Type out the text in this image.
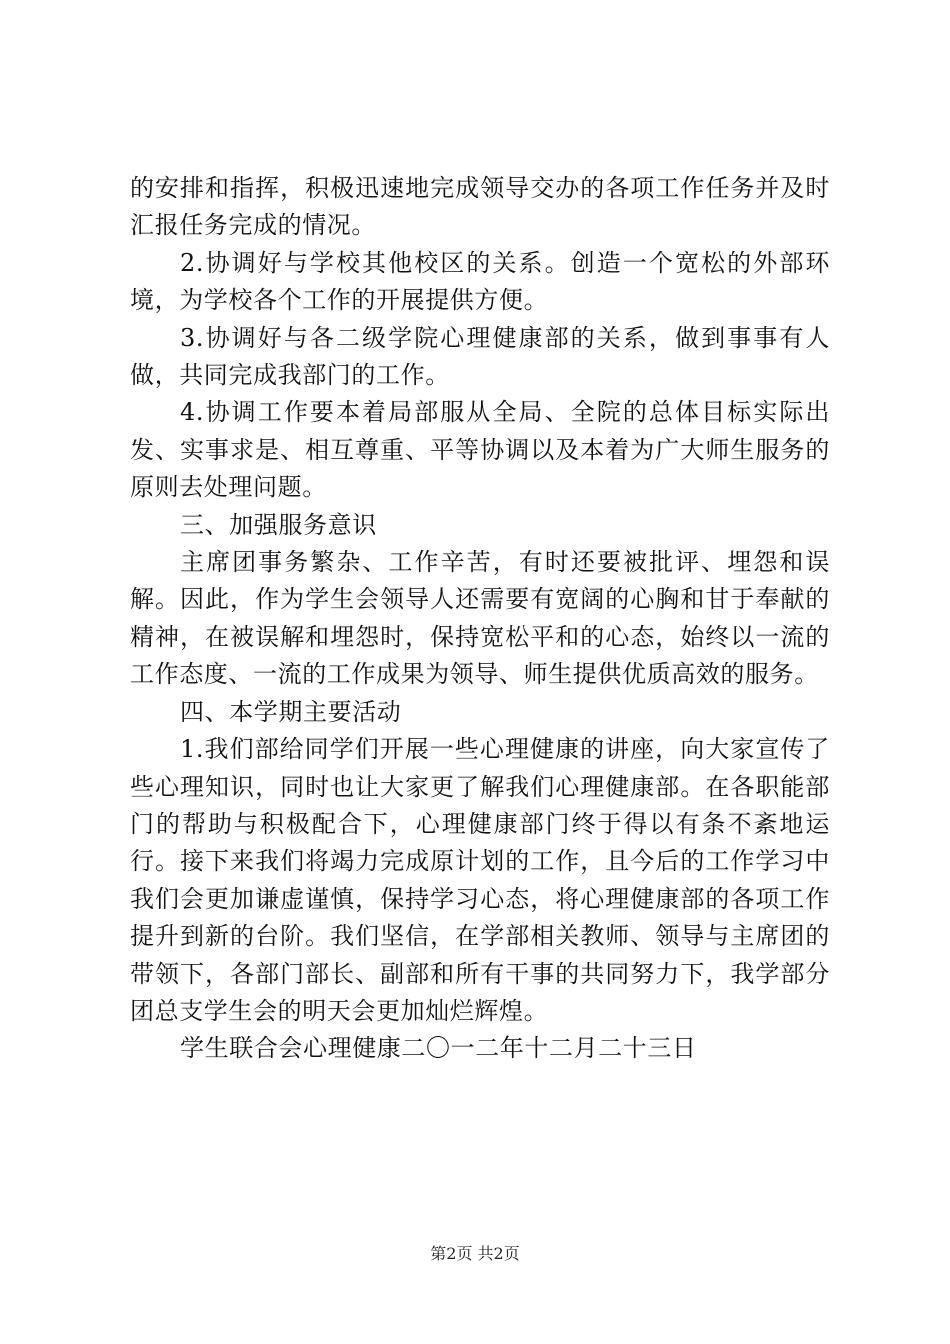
的安排和指挥，积极迅速地完成领导交办的各项工作任务并及时汇报任务完成的情况。

2.协调好与学校其他校区的关系。创造一个宽松的外部环境，为学校各个工作的开展提供方便。

3.协调好与各二级学院心理健康部的关系，做到事事有人做，共同完成我部门的工作。

4.协调工作要本着局部服从全局、全院的总体目标实际出发、实事求是、相互尊重、平等协调以及本着为广大师生服务的原则去处理问题。

三、加强服务意识

主席团事务繁杂、工作辛苦，有时还要被批评、埋怨和误解。因此，作为学生会领导人还需要有宽阔的心胸和甘于奉献的精神，在被误解和埋怨时，保持宽松平和的心态，始终以一流的工作态度、一流的工作成果为领导、师生提供优质高效的服务。

四、本学期主要活动

1.我们部给同学们开展一些心理健康的讲座，向大家宣传了些心理知识，同时也让大家更了解我们心理健康部。在各职能部门的帮助与积极配合下，心理健康部门终于得以有条不紊地运行。接下来我们将竭力完成原计划的工作，且今后的工作学习中我们会更加谦虚谨慎，保持学习心态，将心理健康部的各项工作提升到新的台阶。我们坚信，在学部相关教师、领导与主席团的带领下，各部门部长、副部和所有干事的共同努力下，我学部分团总支学生会的明天会更加灿烂辉煌。

学生联合会心理健康二〇一二年十二月二十三日

第2页 共2页
